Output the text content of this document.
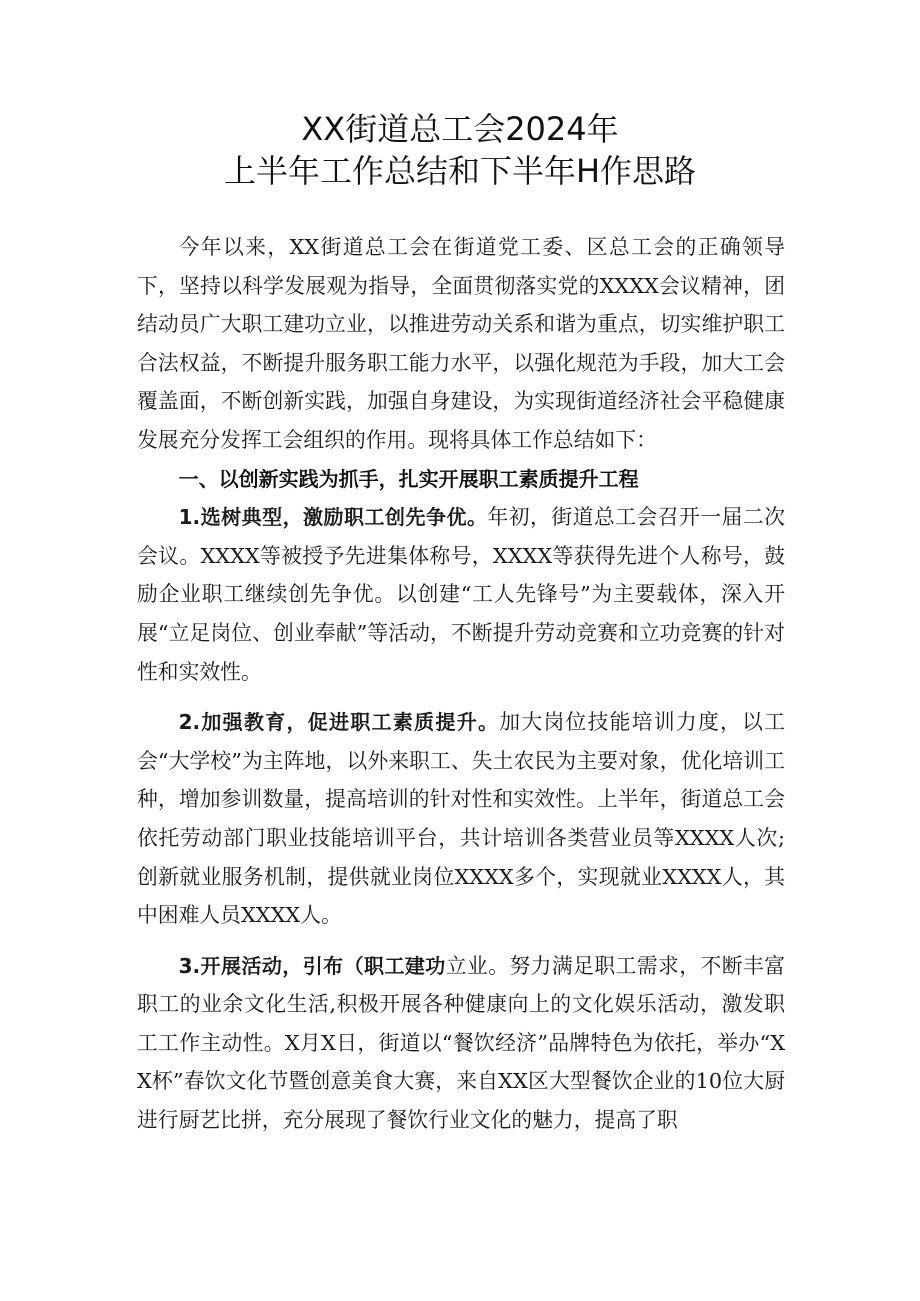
XX街道总工会2024年
上半年工作总结和下半年H作思路

今年以来，XX街道总工会在街道党工委、区总工会的正确领导下，坚持以科学发展观为指导，全面贯彻落实党的XXXX会议精神，团结动员广大职工建功立业，以推进劳动关系和谐为重点，切实维护职工合法权益，不断提升服务职工能力水平，以强化规范为手段，加大工会覆盖面，不断创新实践，加强自身建设，为实现街道经济社会平稳健康发展充分发挥工会组织的作用。现将具体工作总结如下：

一、以创新实践为抓手，扎实开展职工素质提升工程

1.选树典型，激励职工创先争优。年初，街道总工会召开一届二次会议。XXXX等被授予先进集体称号，XXXX等获得先进个人称号，鼓励企业职工继续创先争优。以创建“工人先锋号”为主要载体，深入开展“立足岗位、创业奉献”等活动，不断提升劳动竞赛和立功竞赛的针对性和实效性。

2.加强教育，促进职工素质提升。加大岗位技能培训力度，以工会“大学校”为主阵地，以外来职工、失土农民为主要对象，优化培训工种，增加参训数量，提高培训的针对性和实效性。上半年，街道总工会依托劳动部门职业技能培训平台，共计培训各类营业员等XXXX人次;创新就业服务机制，提供就业岗位XXXX多个，实现就业XXXX人，其中困难人员XXXX人。

3.开展活动，引布（职工建功立业。努力满足职工需求，不断丰富职工的业余文化生活,积极开展各种健康向上的文化娱乐活动，激发职工工作主动性。X月X日，街道以“餐饮经济”品牌特色为依托，举办“XX杯”春饮文化节暨创意美食大赛，来自XX区大型餐饮企业的10位大厨进行厨艺比拼，充分展现了餐饮行业文化的魅力，提高了职
